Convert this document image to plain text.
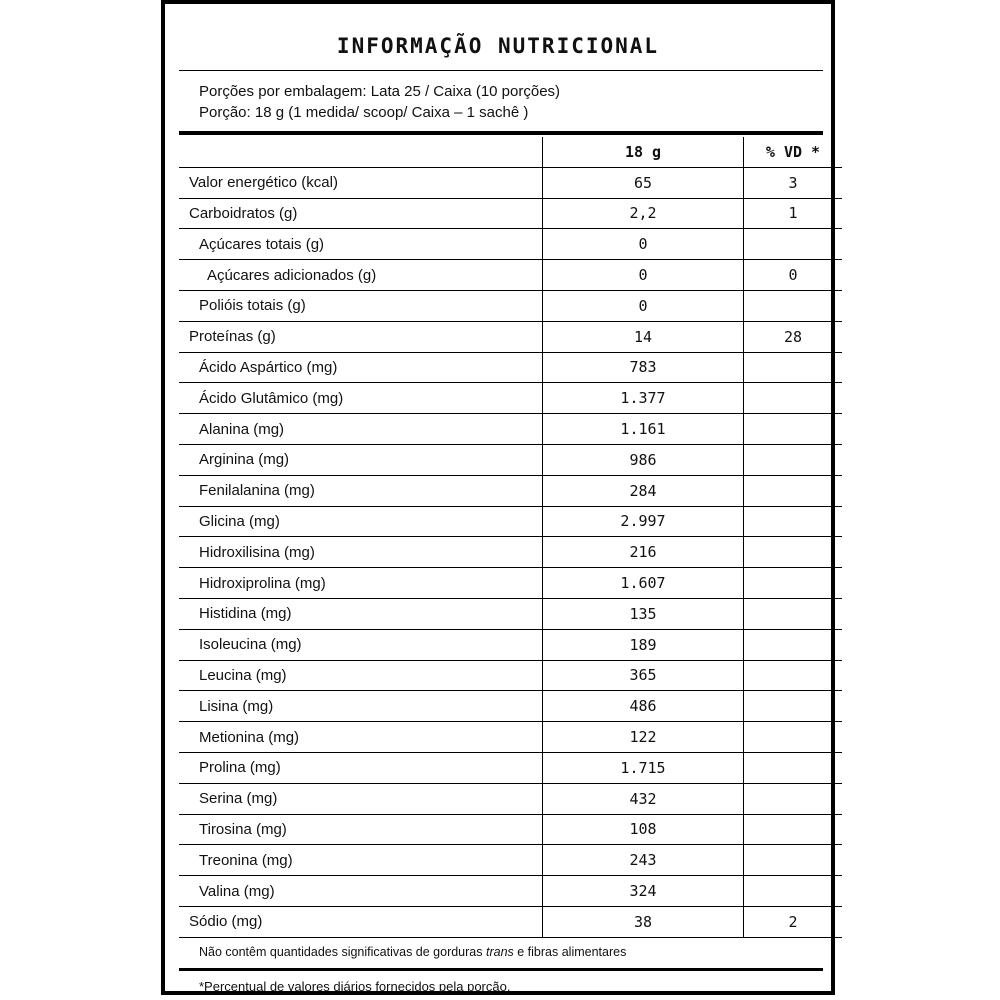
INFORMAÇÃO NUTRICIONAL
Porções por embalagem: Lata 25 / Caixa (10 porções)
Porção: 18 g (1 medida/ scoop/ Caixa – 1 sachê )
	18 g	% VD *
Valor energético (kcal)	65	3
Carboidratos (g)	2,2	1
Açúcares totais (g)	0	
Açúcares adicionados (g)	0	0
Polióis totais (g)	0	
Proteínas (g)	14	28
Ácido Aspártico (mg)	783	
Ácido Glutâmico (mg)	1.377	
Alanina (mg)	1.161	
Arginina (mg)	986	
Fenilalanina (mg)	284	
Glicina (mg)	2.997	
Hidroxilisina (mg)	216	
Hidroxiprolina (mg)	1.607	
Histidina (mg)	135	
Isoleucina (mg)	189	
Leucina (mg)	365	
Lisina (mg)	486	
Metionina (mg)	122	
Prolina (mg)	1.715	
Serina (mg)	432	
Tirosina (mg)	108	
Treonina (mg)	243	
Valina (mg)	324	
Sódio (mg)	38	2
Não contêm quantidades significativas de gorduras trans e fibras alimentares
*Percentual de valores diários fornecidos pela porção.
